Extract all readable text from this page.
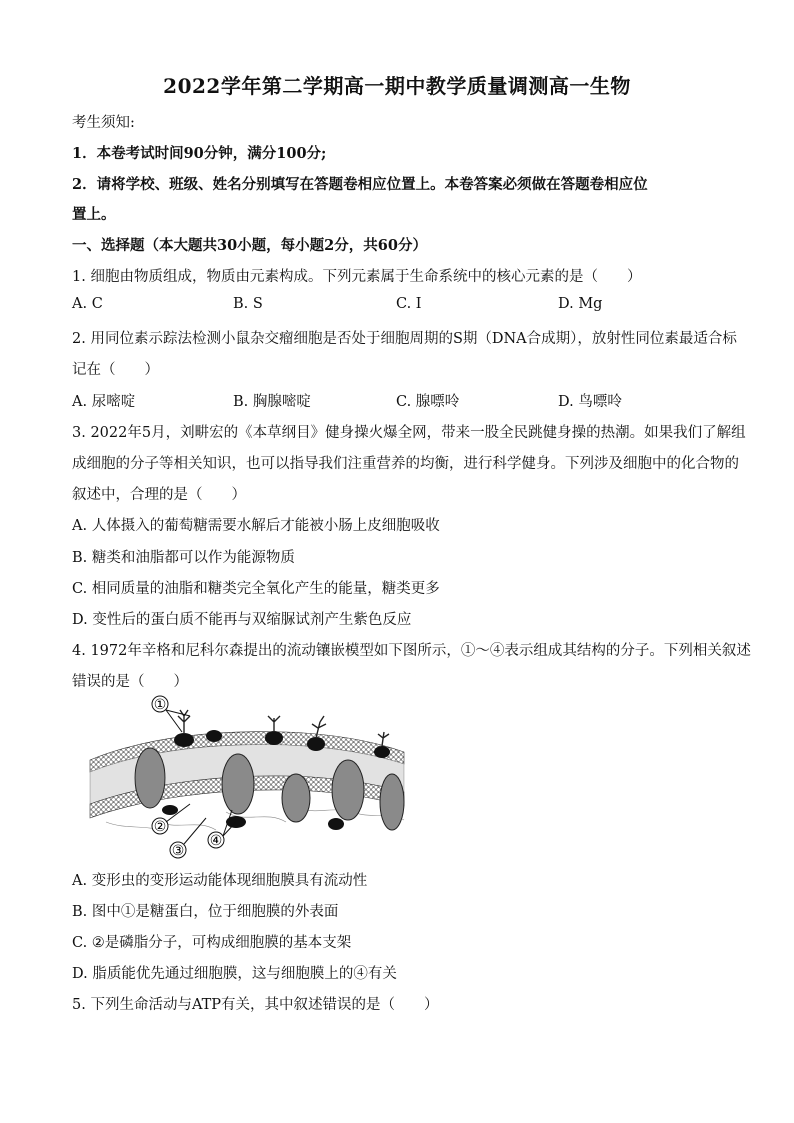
2022学年第二学期高一期中教学质量调测高一生物
考生须知:
1．本卷考试时间90分钟，满分100分;
2．请将学校、班级、姓名分别填写在答题卷相应位置上。本卷答案必须做在答题卷相应位
置上。
一、选择题（本大题共30小题，每小题2分，共60分）
1. 细胞由物质组成，物质由元素构成。下列元素属于生命系统中的核心元素的是（　　）
A. C	B. S	C. I	D. Mg
2. 用同位素示踪法检测小鼠杂交瘤细胞是否处于细胞周期的S期（DNA合成期），放射性同位素最适合标
记在（　　）
A. 尿嘧啶	B. 胸腺嘧啶	C. 腺嘌呤	D. 鸟嘌呤
3. 2022年5月，刘畊宏的《本草纲目》健身操火爆全网，带来一股全民跳健身操的热潮。如果我们了解组
成细胞的分子等相关知识，也可以指导我们注重营养的均衡，进行科学健身。下列涉及细胞中的化合物的
叙述中，合理的是（　　）
A. 人体摄入的葡萄糖需要水解后才能被小肠上皮细胞吸收
B. 糖类和油脂都可以作为能源物质
C. 相同质量的油脂和糖类完全氧化产生的能量，糖类更多
D. 变性后的蛋白质不能再与双缩脲试剂产生紫色反应
4. 1972年辛格和尼科尔森提出的流动镶嵌模型如下图所示，①～④表示组成其结构的分子。下列相关叙述
错误的是（　　）
①
②
③
④
A. 变形虫的变形运动能体现细胞膜具有流动性
B. 图中①是糖蛋白，位于细胞膜的外表面
C. ②是磷脂分子，可构成细胞膜的基本支架
D. 脂质能优先通过细胞膜，这与细胞膜上的④有关
5. 下列生命活动与ATP有关，其中叙述错误的是（　　）
